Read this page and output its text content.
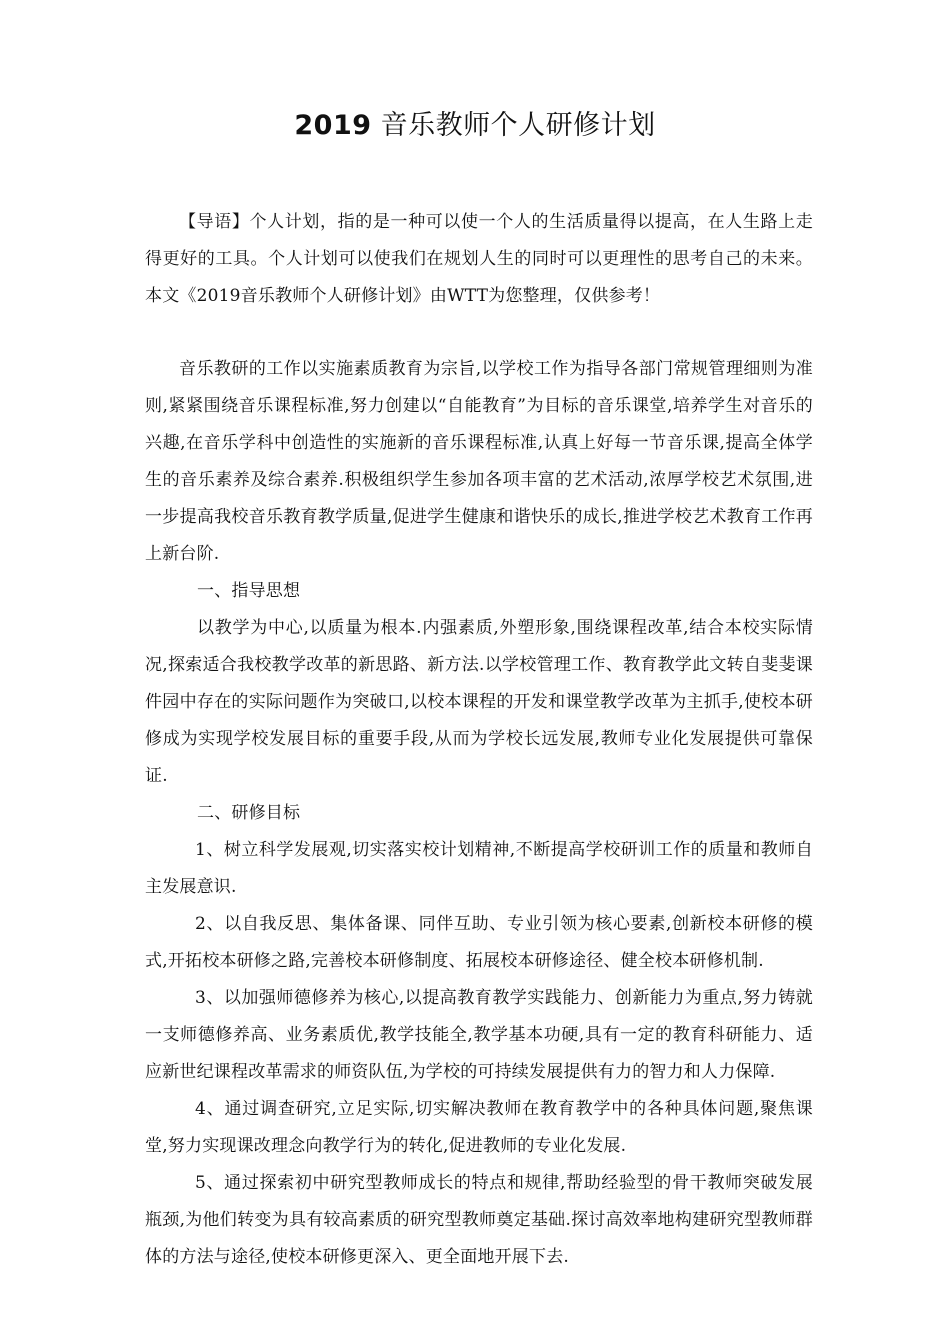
2019 音乐教师个人研修计划

【导语】个人计划，指的是一种可以使一个人的生活质量得以提高，在人生路上走得更好的工具。个人计划可以使我们在规划人生的同时可以更理性的思考自己的未来。本文《2019音乐教师个人研修计划》由WTT为您整理，仅供参考！

音乐教研的工作以实施素质教育为宗旨,以学校工作为指导各部门常规管理细则为准则,紧紧围绕音乐课程标准,努力创建以“自能教育”为目标的音乐课堂,培养学生对音乐的兴趣,在音乐学科中创造性的实施新的音乐课程标准,认真上好每一节音乐课,提高全体学生的音乐素养及综合素养.积极组织学生参加各项丰富的艺术活动,浓厚学校艺术氛围,进一步提高我校音乐教育教学质量,促进学生健康和谐快乐的成长,推进学校艺术教育工作再上新台阶.

一、指导思想

以教学为中心,以质量为根本.内强素质,外塑形象,围绕课程改革,结合本校实际情况,探索适合我校教学改革的新思路、新方法.以学校管理工作、教育教学此文转自斐斐课件园中存在的实际问题作为突破口,以校本课程的开发和课堂教学改革为主抓手,使校本研修成为实现学校发展目标的重要手段,从而为学校长远发展,教师专业化发展提供可靠保证.

二、研修目标

1、树立科学发展观,切实落实校计划精神,不断提高学校研训工作的质量和教师自主发展意识.

2、以自我反思、集体备课、同伴互助、专业引领为核心要素,创新校本研修的模式,开拓校本研修之路,完善校本研修制度、拓展校本研修途径、健全校本研修机制.

3、以加强师德修养为核心,以提高教育教学实践能力、创新能力为重点,努力铸就一支师德修养高、业务素质优,教学技能全,教学基本功硬,具有一定的教育科研能力、适应新世纪课程改革需求的师资队伍,为学校的可持续发展提供有力的智力和人力保障.

4、通过调查研究,立足实际,切实解决教师在教育教学中的各种具体问题,聚焦课堂,努力实现课改理念向教学行为的转化,促进教师的专业化发展.

5、通过探索初中研究型教师成长的特点和规律,帮助经验型的骨干教师突破发展瓶颈,为他们转变为具有较高素质的研究型教师奠定基础.探讨高效率地构建研究型教师群体的方法与途径,使校本研修更深入、更全面地开展下去.
